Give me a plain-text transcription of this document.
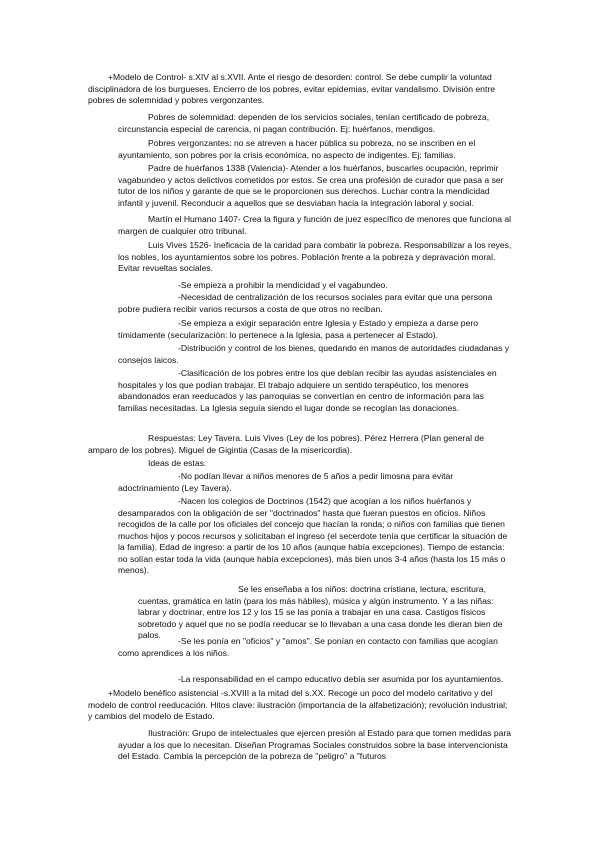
+Modelo de Control- s.XIV al s.XVII. Ante el riesgo de desorden: control. Se debe cumplir la voluntad disciplinadora de los burgueses. Encierro de los pobres, evitar epidemias, evitar vandalismo. División entre pobres de solemnidad y pobres vergonzantes.

Pobres de solemnidad: dependen de los servicios sociales, tenían certificado de pobreza, circunstancia especial de carencia, ni pagan contribución. Ej: huérfanos, mendigos.

Pobres vergonzantes: no se atreven a hacer pública su pobreza, no se inscriben en el ayuntamiento, son pobres por la crisis económica, no aspecto de indigentes. Ej: familias.

Padre de huérfanos 1338 (Valencia)- Atender a los huérfanos, buscarles ocupación, reprimir vagabundeo y actos delictivos cometidos por estos. Se crea una profesión de curador que pasa a ser tutor de los niños y garante de que se le proporcionen sus derechos. Luchar contra la mendicidad infantil y juvenil. Reconducir a aquellos que se desviaban hacia la integración laboral y social.

Martín el Humano 1407- Crea la figura y función de juez específico de menores que funciona al margen de cualquier otro tribunal.

Luis Vives 1526- Ineficacia de la caridad para combatir la pobreza. Responsabilizar a los reyes, los nobles, los ayuntamientos sobre los pobres. Población frente a la pobreza y depravación moral. Evitar revueltas sociales.

-Se empieza a prohibir la mendicidad y el vagabundeo.

-Necesidad de centralización de los recursos sociales para evitar que una persona pobre pudiera recibir varios recursos a costa de que otros no reciban.

-Se empieza a exigir separación entre Iglesia y Estado y empieza a darse pero tímidamente (secularización: lo pertenece a la Iglesia, pasa a pertenecer al Estado).

-Distribución y control de los bienes, quedando en manos de autoridades ciudadanas y consejos laicos.

-Clasificación de los pobres entre los que debían recibir las ayudas asistenciales en hospitales y los que podían trabajar. El trabajo adquiere un sentido terapéutico, los menores abandonados eran reeducados y las parroquias se convertían en centro de información para las familias necesitadas. La Iglesia seguía siendo el lugar donde se recogían las donaciones.

Respuestas: Ley Tavera. Luis Vives (Ley de los pobres). Pérez Herrera (Plan general de amparo de los pobres). Miguel de Gigintia (Casas de la misericordia).

Ideas de estas:

-No podían llevar a niños menores de 5 años a pedir limosna para evitar adoctrinamiento (Ley Tavera).

-Nacen los colegios de Doctrinos (1542) que acogían a los niños huérfanos y desamparados con la obligación de ser "doctrinados" hasta que fueran puestos en oficios. Niños recogidos de la calle por los oficiales del concejo que hacían la ronda; o niños con familias que tienen muchos hijos y pocos recursos y solicitaban el ingreso (el secerdote tenía que certificar la situación de la familia). Edad de ingreso: a partir de los 10 años (aunque había excepciones). Tiempo de estancia: no solían estar toda la vida (aunque había excepciones), más bien unos 3-4 años (hasta los 15 más o menos).

Se les enseñaba a los niños: doctrina cristiana, lectura, escritura, cuentas, gramática en latín (para los más hábiles), música y algún instrumento. Y a las niñas: labrar y doctrinar, entre los 12 y los 15 se las ponía a trabajar en una casa. Castigos físicos sobretodo y aquel que no se podía reeducar se lo llevaban a una casa donde les dieran bien de palos.

-Se les ponía en "oficios" y "amos". Se ponían en contacto con familias que acogían como aprendices a los niños.

-La responsabilidad en el campo educativo debía ser asumida por los ayuntamientos.

+Modelo benéfico asistencial -s.XVIII a la mitad del s.XX. Recoge un poco del modelo caritativo y del modelo de control reeducación. Hitos clave: ilustración (importancia de la alfabetización); revolución industrial; y cambios del modelo de Estado.

Ilustración: Grupo de intelectuales que ejercen presión al Estado para que tomen medidas para ayudar a los que lo necesitan. Diseñan Programas Sociales construidos sobre la base intervencionista del Estado. Cambia la percepción de la pobreza de "peligro" a "futuros
